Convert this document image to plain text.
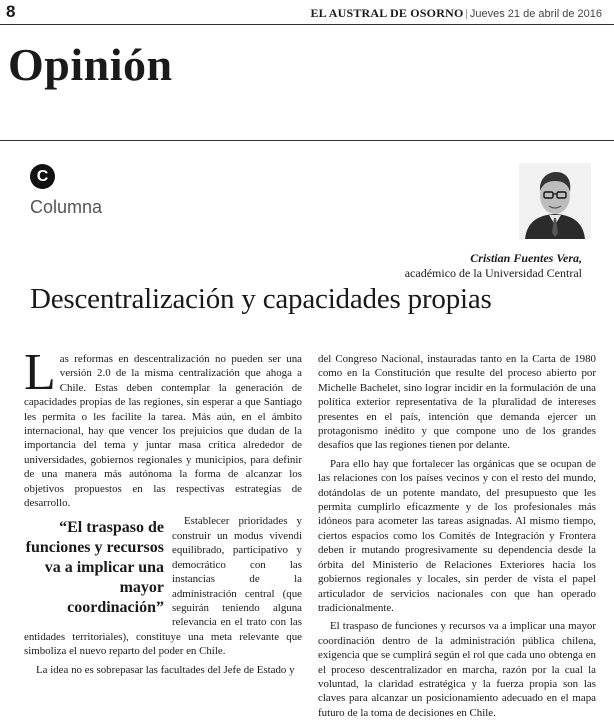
8	EL AUSTRAL DE OSORNO | Jueves 21 de abril de 2016
Opinión
C
Columna
Cristian Fuentes Vera,
académico de la Universidad Central
Descentralización y capacidades propias

Las reformas en descentralización no pueden ser una versión 2.0 de la misma centralización que ahoga a Chile. Estas deben contemplar la generación de capacidades propias de las regiones, sin esperar a que Santiago les permita o les facilite la tarea. Más aún, en el ámbito internacional, hay que vencer los prejuicios que dudan de la importancia del tema y juntar masa crítica alrededor de universidades, gobiernos regionales y municipios, para definir de una manera más autónoma la forma de alcanzar los objetivos propuestos en las respectivas estrategias de desarrollo.

“El traspaso de funciones y recursos va a implicar una mayor coordinación”

Establecer prioridades y construir un modus vivendi equilibrado, participativo y democrático con las instancias de la administración central (que seguirán teniendo alguna relevancia en el trato con las entidades territoriales), constituye una meta relevante que simboliza el nuevo reparto del poder en Chile.

La idea no es sobrepasar las facultades del Jefe de Estado y

del Congreso Nacional, instauradas tanto en la Carta de 1980 como en la Constitución que resulte del proceso abierto por Michelle Bachelet, sino lograr incidir en la formulación de una política exterior representativa de la pluralidad de intereses presentes en el país, intención que demanda ejercer un protagonismo inédito y que compone uno de los grandes desafíos que las regiones tienen por delante.

Para ello hay que fortalecer las orgánicas que se ocupan de las relaciones con los países vecinos y con el resto del mundo, dotándolas de un potente mandato, del presupuesto que les permita cumplirlo eficazmente y de los profesionales más idóneos para acometer las tareas asignadas. Al mismo tiempo, ciertos espacios como los Comités de Integración y Frontera deben ir mutando progresivamente su dependencia desde la órbita del Ministerio de Relaciones Exteriores hacia los gobiernos regionales y locales, sin perder de vista el papel articulador de servicios nacionales con que han operado tradicionalmente.

El traspaso de funciones y recursos va a implicar una mayor coordinación dentro de la administración pública chilena, exigencia que se cumplirá según el rol que cada uno obtenga en el proceso descentralizador en marcha, razón por la cual la voluntad, la claridad estratégica y la fuerza propia son las claves para alcanzar un posicionamiento adecuado en el mapa futuro de la toma de decisiones en Chile.
